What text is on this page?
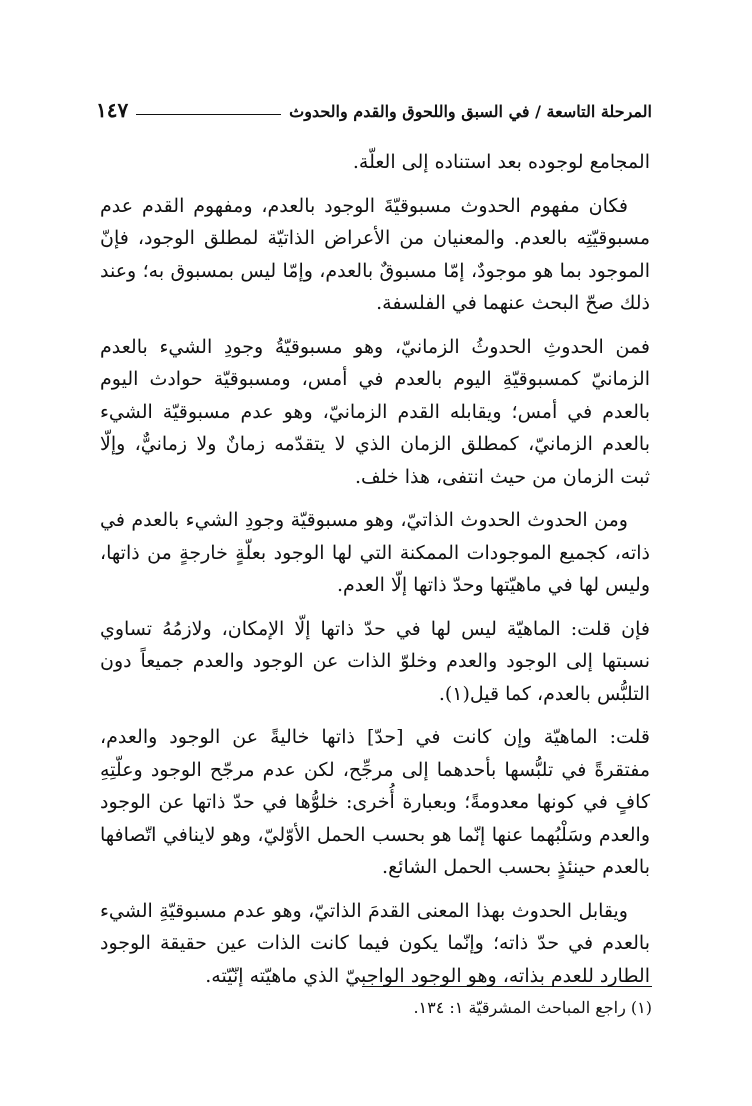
المرحلة التاسعة / في السبق واللحوق والقدم والحدوث
١٤٧

المجامع لوجوده بعد استناده إلى العلّة.

فكان مفهوم الحدوث مسبوقيّةَ الوجود بالعدم، ومفهوم القدم عدم مسبوقيّتِه بالعدم. والمعنيان من الأعراض الذاتيّة لمطلق الوجود، فإنّ الموجود بما هو موجودٌ، إمّا مسبوقٌ بالعدم، وإمّا ليس بمسبوق به؛ وعند ذلك صحّ البحث عنهما في الفلسفة.

فمن الحدوثِ الحدوثُ الزمانيّ، وهو مسبوقيّةُ وجودِ الشيء بالعدم الزمانيّ كمسبوقيّةِ اليوم بالعدم في أمس، ومسبوقيّة حوادث اليوم بالعدم في أمس؛ ويقابله القدم الزمانيّ، وهو عدم مسبوقيّة الشيء بالعدم الزمانيّ، كمطلق الزمان الذي لا يتقدّمه زمانٌ ولا زمانيٌّ، وإلّا ثبت الزمان من حيث انتفى، هذا خلف.

ومن الحدوث الحدوث الذاتيّ، وهو مسبوقيّة وجودِ الشيء بالعدم في ذاته، كجميع الموجودات الممكنة التي لها الوجود بعلّةٍ خارجةٍ من ذاتها، وليس لها في ماهيّتها وحدّ ذاتها إلّا العدم.

فإن قلت: الماهيّة ليس لها في حدّ ذاتها إلّا الإمكان، ولازمُهُ تساوي نسبتها إلى الوجود والعدم وخلوّ الذات عن الوجود والعدم جميعاً دون التلبُّس بالعدم، كما قيل(١).

قلت: الماهيّة وإن كانت في [حدّ] ذاتها خاليةً عن الوجود والعدم، مفتقرةً في تلبُّسها بأحدهما إلى مرجِّح، لكن عدم مرجّح الوجود وعلّتِهِ كافٍ في كونها معدومةً؛ وبعبارة أُخرى: خلوُّها في حدّ ذاتها عن الوجود والعدم وسَلْبُهما عنها إنّما هو بحسب الحمل الأوّليّ، وهو لاينافي اتّصافها بالعدم حينئذٍ بحسب الحمل الشائع.

ويقابل الحدوث بهذا المعنى القدمَ الذاتيّ، وهو عدم مسبوقيّةِ الشيء بالعدم في حدّ ذاته؛ وإنّما يكون فيما كانت الذات عين حقيقة الوجود الطارد للعدم بذاته، وهو الوجود الواجبيّ الذي ماهيّته إنّيّته.

(١) راجع المباحث المشرقيّة ١: ١٣٤.
